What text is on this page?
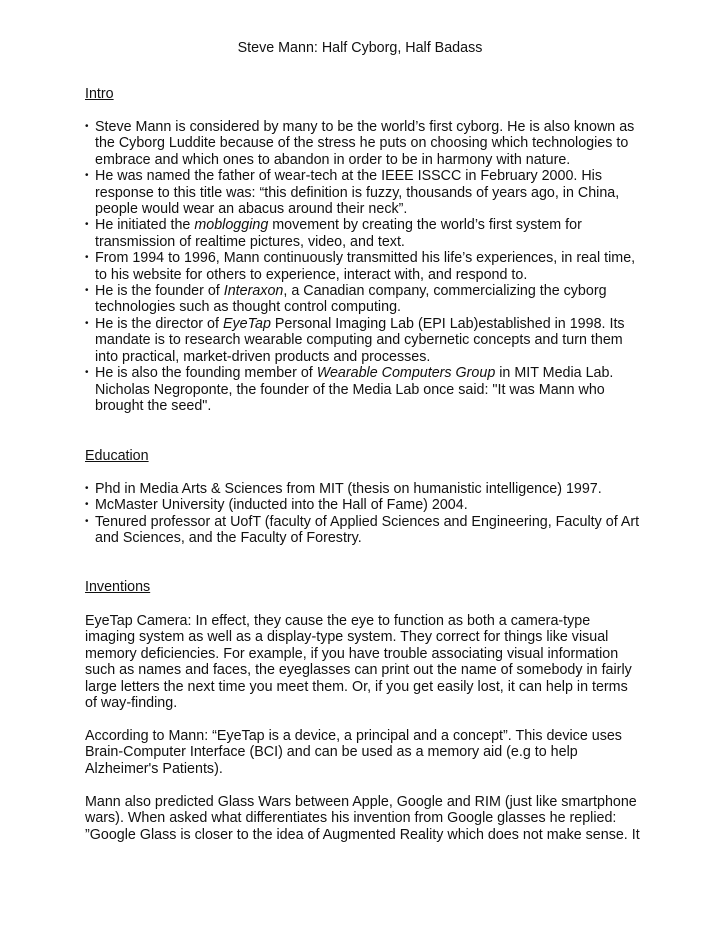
Steve Mann: Half Cyborg, Half Badass
Intro
• Steve Mann is considered by many to be the world’s first cyborg. He is also known as the Cyborg Luddite because of the stress he puts on choosing which technologies to embrace and which ones to abandon in order to be in harmony with nature.
• He was named the father of wear-tech at the IEEE ISSCC in February 2000. His response to this title was: “this definition is fuzzy, thousands of years ago, in China, people would wear an abacus around their neck”.
• He initiated the moblogging movement by creating the world’s first system for transmission of realtime pictures, video, and text.
• From 1994 to 1996, Mann continuously transmitted his life’s experiences, in real time, to his website for others to experience, interact with, and respond to.
• He is the founder of Interaxon, a Canadian company, commercializing the cyborg technologies such as thought control computing.
• He is the director of EyeTap Personal Imaging Lab (EPI Lab)established in 1998. Its mandate is to research wearable computing and cybernetic concepts and turn them into practical, market-driven products and processes.
• He is also the founding member of Wearable Computers Group in MIT Media Lab. Nicholas Negroponte, the founder of the Media Lab once said: "It was Mann who brought the seed".
Education
• Phd in Media Arts & Sciences from MIT (thesis on humanistic intelligence) 1997.
• McMaster University (inducted into the Hall of Fame) 2004.
• Tenured professor at UofT (faculty of Applied Sciences and Engineering, Faculty of Art and Sciences, and the Faculty of Forestry.
Inventions

EyeTap Camera: In effect, they cause the eye to function as both a camera-type imaging system as well as a display-type system. They correct for things like visual memory deficiencies. For example, if you have trouble associating visual information such as names and faces, the eyeglasses can print out the name of somebody in fairly large letters the next time you meet them. Or, if you get easily lost, it can help in terms of way-finding.

According to Mann: “EyeTap is a device, a principal and a concept”. This device uses Brain-Computer Interface (BCI) and can be used as a memory aid (e.g to help Alzheimer's Patients).

Mann also predicted Glass Wars between Apple, Google and RIM (just like smartphone wars). When asked what differentiates his invention from Google glasses he replied: ”Google Glass is closer to the idea of Augmented Reality which does not make sense. It
